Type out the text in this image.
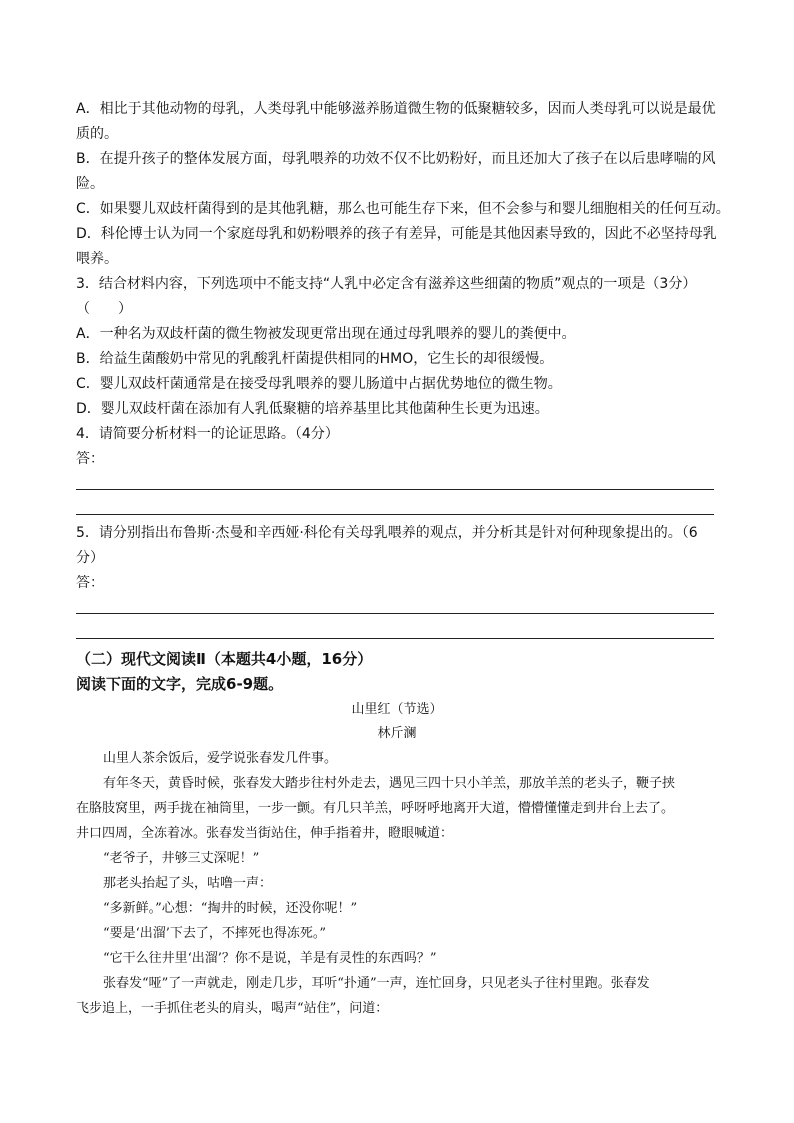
A．相比于其他动物的母乳，人类母乳中能够滋养肠道微生物的低聚糖较多，因而人类母乳可以说是最优
质的。
B．在提升孩子的整体发展方面，母乳喂养的功效不仅不比奶粉好，而且还加大了孩子在以后患哮喘的风
险。
C．如果婴儿双歧杆菌得到的是其他乳糖，那么也可能生存下来，但不会参与和婴儿细胞相关的任何互动。
D．科伦博士认为同一个家庭母乳和奶粉喂养的孩子有差异，可能是其他因素导致的，因此不必坚持母乳
喂养。
3．结合材料内容，下列选项中不能支持“人乳中必定含有滋养这些细菌的物质”观点的一项是（3分）
（　　）
A．一种名为双歧杆菌的微生物被发现更常出现在通过母乳喂养的婴儿的粪便中。
B．给益生菌酸奶中常见的乳酸乳杆菌提供相同的HMO，它生长的却很缓慢。
C．婴儿双歧杆菌通常是在接受母乳喂养的婴儿肠道中占据优势地位的微生物。
D．婴儿双歧杆菌在添加有人乳低聚糖的培养基里比其他菌种生长更为迅速。
4．请简要分析材料一的论证思路。（4分）
答：
5．请分别指出布鲁斯·杰曼和辛西娅·科伦有关母乳喂养的观点，并分析其是针对何种现象提出的。（6
分）
答：
（二）现代文阅读Ⅱ（本题共4小题，16分）
阅读下面的文字，完成6-9题。
山里红（节选）
林斤澜
山里人茶余饭后，爱学说张春发几件事。
有年冬天，黄昏时候，张春发大踏步往村外走去，遇见三四十只小羊羔，那放羊羔的老头子，鞭子挟
在胳肢窝里，两手拢在袖筒里，一步一颤。有几只羊羔，呼呀呼地离开大道，懵懵懂懂走到井台上去了。
井口四周，全冻着冰。张春发当街站住，伸手指着井，瞪眼喊道：
“老爷子，井够三丈深呢！”
那老头抬起了头，咕噜一声：
“多新鲜。”心想：“掏井的时候，还没你呢！”
“要是‘出溜’下去了，不摔死也得冻死。”
“它干么往井里‘出溜’？你不是说，羊是有灵性的东西吗？”
张春发“哑”了一声就走，刚走几步，耳听“扑通”一声，连忙回身，只见老头子往村里跑。张春发
飞步追上，一手抓住老头的肩头，喝声“站住”，问道：
